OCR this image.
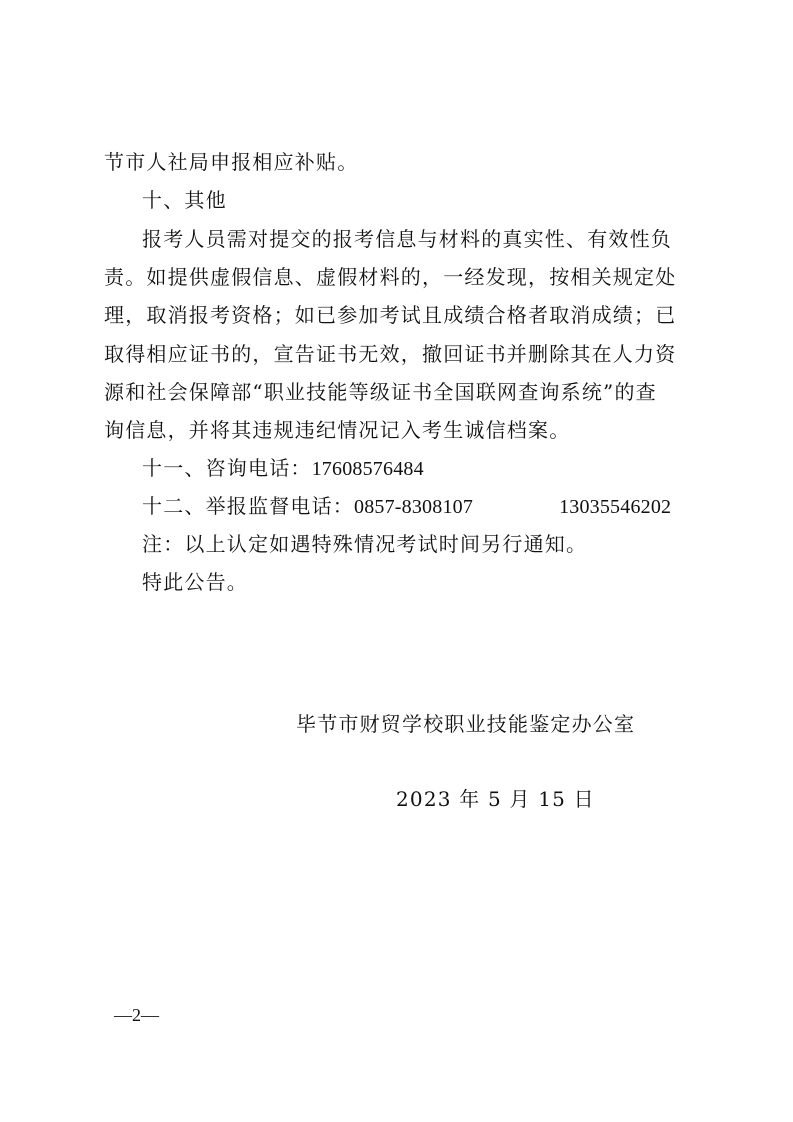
节市人社局申报相应补贴。
十、其他
报考人员需对提交的报考信息与材料的真实性、有效性负
责。如提供虚假信息、虚假材料的，一经发现，按相关规定处
理，取消报考资格；如已参加考试且成绩合格者取消成绩；已
取得相应证书的，宣告证书无效，撤回证书并删除其在人力资
源和社会保障部“职业技能等级证书全国联网查询系统”的查
询信息，并将其违规违纪情况记入考生诚信档案。
十一、咨询电话：17608576484
十二、举报监督电话：0857-8308107	13035546202
注：以上认定如遇特殊情况考试时间另行通知。
特此公告。
毕节市财贸学校职业技能鉴定办公室
2023 年 5 月 15 日
—2—
